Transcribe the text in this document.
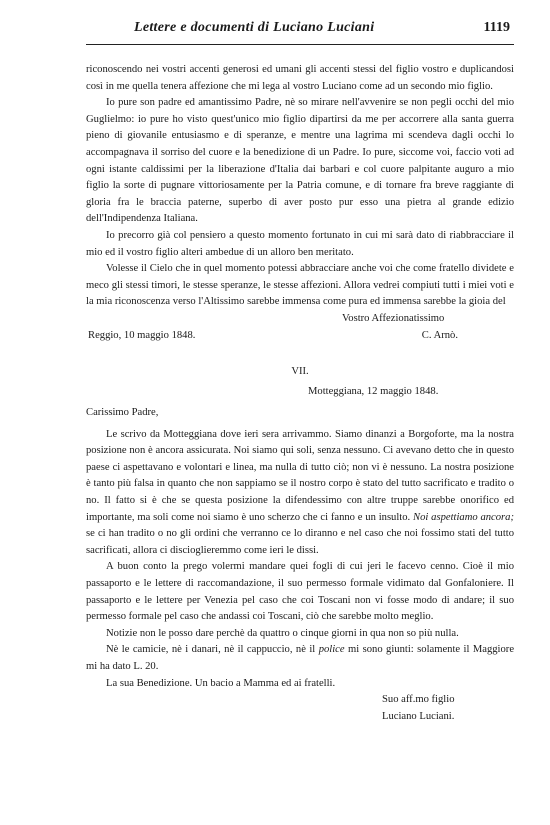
Lettere e documenti di Luciano Luciani	1119

riconoscendo nei vostri accenti generosi ed umani gli accenti stessi del figlio vostro e duplicandosi così in me quella tenera affezione che mi lega al vostro Luciano come ad un secondo mio figlio.

Io pure son padre ed amantissimo Padre, nè so mirare nell'avvenire se non pegli occhi del mio Guglielmo: io pure ho visto quest'unico mio figlio dipartirsi da me per accorrere alla santa guerra pieno di giovanile entusiasmo e di speranze, e mentre una lagrima mi scendeva dagli occhi lo accompagnava il sorriso del cuore e la benedizione di un Padre. Io pure, siccome voi, faccio voti ad ogni istante caldissimi per la liberazione d'Italia dai barbari e col cuore palpitante auguro a mio figlio la sorte di pugnare vittoriosamente per la Patria comune, e di tornare fra breve raggiante di gloria fra le braccia paterne, superbo di aver posto pur esso una pietra al grande edizio dell'Indipendenza Italiana.

Io precorro già col pensiero a questo momento fortunato in cui mi sarà dato di riabbracciare il mio ed il vostro figlio alteri ambedue di un alloro ben meritato.

Volesse il Cielo che in quel momento potessi abbracciare anche voi che come fratello dividete e meco gli stessi timori, le stesse speranze, le stesse affezioni. Allora vedrei compiuti tutti i miei voti e la mia riconoscenza verso l'Altissimo sarebbe immensa come pura ed immensa sarebbe la gioia del

Vostro Affezionatissimo

Reggio, 10 maggio 1848.	C. Arnò.
VII.

Motteggiana, 12 maggio 1848.

Carissimo Padre,

Le scrivo da Motteggiana dove ieri sera arrivammo. Siamo dinanzi a Borgoforte, ma la nostra posizione non è ancora assicurata. Noi siamo qui soli, senza nessuno. Ci avevano detto che in questo paese ci aspettavano e volontari e linea, ma nulla di tutto ciò; non vi è nessuno. La nostra posizione è tanto più falsa in quanto che non sappiamo se il nostro corpo è stato del tutto sacrificato e tradito o no. Il fatto si è che se questa posizione la difendessimo con altre truppe sarebbe onorifico ed importante, ma soli come noi siamo è uno scherzo che ci fanno e un insulto. Noi aspettiamo ancora; se ci han tradito o no gli ordini che verranno ce lo diranno e nel caso che noi fossimo stati del tutto sacrificati, allora ci discioglieremmo come ieri le dissi.

A buon conto la prego volermi mandare quei fogli di cui jeri le facevo cenno. Cioè il mio passaporto e le lettere di raccomandazione, il suo permesso formale vidimato dal Gonfaloniere. Il passaporto e le lettere per Venezia pel caso che coi Toscani non vi fosse modo di andare; il suo permesso formale pel caso che andassi coi Toscani, ciò che sarebbe molto meglio.

Notizie non le posso dare perchè da quattro o cinque giorni in qua non so più nulla.

Nè le camicie, nè i danari, nè il cappuccio, nè il police mi sono giunti: solamente il Maggiore mi ha dato L. 20.

La sua Benedizione. Un bacio a Mamma ed ai fratelli.

Suo aff.mo figlio

Luciano Luciani.
